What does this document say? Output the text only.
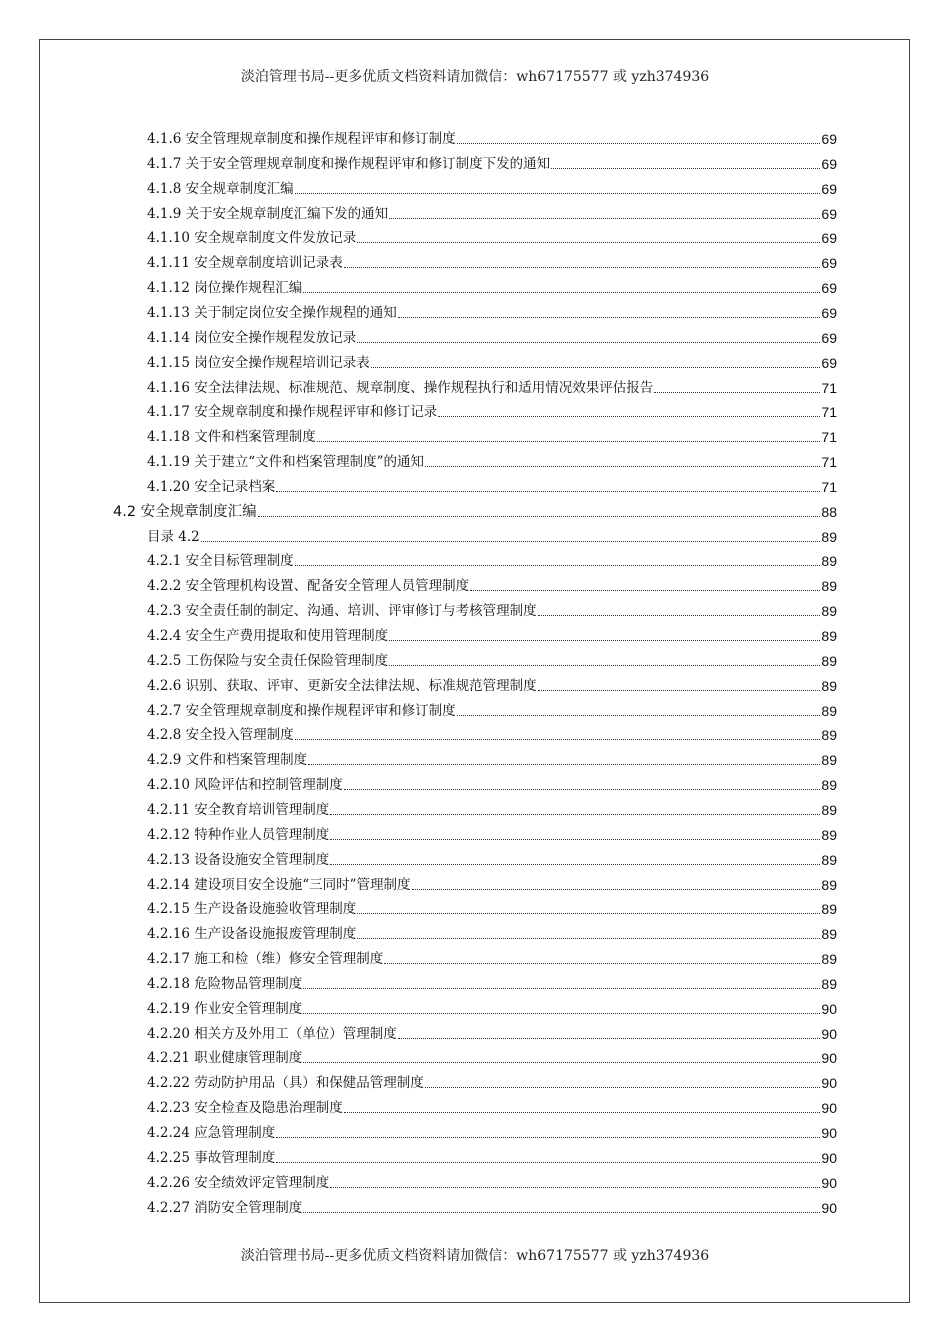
淡泊管理书局--更多优质文档资料请加微信：wh67175577 或 yzh374936
4.1.6 安全管理规章制度和操作规程评审和修订制度	69
4.1.7 关于安全管理规章制度和操作规程评审和修订制度下发的通知	69
4.1.8 安全规章制度汇编	69
4.1.9 关于安全规章制度汇编下发的通知	69
4.1.10 安全规章制度文件发放记录	69
4.1.11 安全规章制度培训记录表	69
4.1.12 岗位操作规程汇编	69
4.1.13 关于制定岗位安全操作规程的通知	69
4.1.14 岗位安全操作规程发放记录	69
4.1.15 岗位安全操作规程培训记录表	69
4.1.16 安全法律法规、标准规范、规章制度、操作规程执行和适用情况效果评估报告	71
4.1.17 安全规章制度和操作规程评审和修订记录	71
4.1.18 文件和档案管理制度	71
4.1.19 关于建立“文件和档案管理制度”的通知	71
4.1.20 安全记录档案	71
4.2 安全规章制度汇编	88
目录 4.2	89
4.2.1 安全目标管理制度	89
4.2.2 安全管理机构设置、配备安全管理人员管理制度	89
4.2.3 安全责任制的制定、沟通、培训、评审修订与考核管理制度	89
4.2.4 安全生产费用提取和使用管理制度	89
4.2.5 工伤保险与安全责任保险管理制度	89
4.2.6 识别、获取、评审、更新安全法律法规、标准规范管理制度	89
4.2.7 安全管理规章制度和操作规程评审和修订制度	89
4.2.8 安全投入管理制度	89
4.2.9 文件和档案管理制度	89
4.2.10 风险评估和控制管理制度	89
4.2.11 安全教育培训管理制度	89
4.2.12 特种作业人员管理制度	89
4.2.13 设备设施安全管理制度	89
4.2.14 建设项目安全设施“三同时”管理制度	89
4.2.15 生产设备设施验收管理制度	89
4.2.16 生产设备设施报废管理制度	89
4.2.17 施工和检（维）修安全管理制度	89
4.2.18 危险物品管理制度	89
4.2.19 作业安全管理制度	90
4.2.20 相关方及外用工（单位）管理制度	90
4.2.21 职业健康管理制度	90
4.2.22 劳动防护用品（具）和保健品管理制度	90
4.2.23 安全检查及隐患治理制度	90
4.2.24 应急管理制度	90
4.2.25 事故管理制度	90
4.2.26 安全绩效评定管理制度	90
4.2.27 消防安全管理制度	90
淡泊管理书局--更多优质文档资料请加微信：wh67175577 或 yzh374936
